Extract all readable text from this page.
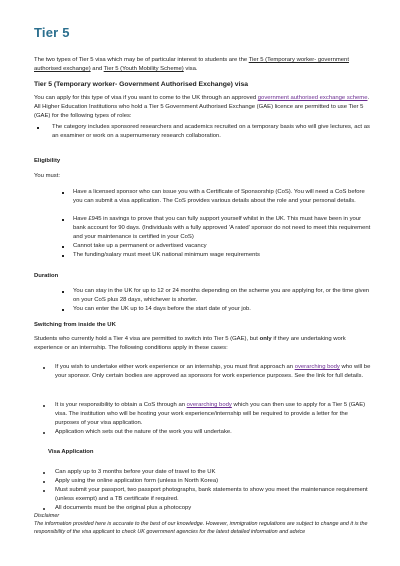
Tier 5

The two types of Tier 5 visa which may be of particular interest to students are the Tier 5 (Temporary worker- government authorised exchange) and Tier 5 (Youth Mobility Scheme) visa.

Tier 5 (Temporary worker- Government Authorised Exchange) visa

You can apply for this type of visa if you want to come to the UK through an approved government authorised exchange scheme. All Higher Education Institutions who hold a Tier 5 Government Authorised Exchange (GAE) licence are permitted to use Tier 5 (GAE) for the following types of roles:

The category includes sponsored researchers and academics recruited on a temporary basis who will give lectures, act as an examiner or work on a supernumerary research collaboration.

Eligibility

You must:

Have a licensed sponsor who can issue you with a Certificate of Sponsorship (CoS). You will need a CoS before you can submit a visa application. The CoS provides various details about the role and your personal details.

Have £945 in savings to prove that you can fully support yourself whilst in the UK. This must have been in your bank account for 90 days. (Individuals with a fully approved 'A rated' sponsor do not need to meet this requirement and your maintenance is certified in your CoS)

Cannot take up a permanent or advertised vacancy

The funding/salary must meet UK national minimum wage requirements

Duration

You can stay in the UK for up to 12 or 24 months depending on the scheme you are applying for, or the time given on your CoS plus 28 days, whichever is shorter.

You can enter the UK up to 14 days before the start date of your job.

Switching from inside the UK

Students who currently hold a Tier 4 visa are permitted to switch into Tier 5 (GAE), but only if they are undertaking work experience or an internship. The following conditions apply in these cases:

If you wish to undertake either work experience or an internship, you must first approach an overarching body who will be your sponsor. Only certain bodies are approved as sponsors for work experience purposes. See the link for full details.

It is your responsibility to obtain a CoS through an overarching body which you can then use to apply for a Tier 5 (GAE) visa. The institution who will be hosting your work experience/internship will be required to provide a letter for the purposes of your visa application.

Application which sets out the nature of the work you will undertake.

Visa Application

Can apply up to 3 months before your date of travel to the UK

Apply using the online application form (unless in North Korea)

Must submit your passport, two passport photographs, bank statements to show you meet the maintenance requirement (unless exempt) and a TB certificate if required.

All documents must be the original plus a photocopy

Disclaimer

The information provided here is accurate to the best of our knowledge. However, immigration regulations are subject to change and it is the responsibility of the visa applicant to check UK government agencies for the latest detailed information and advice
